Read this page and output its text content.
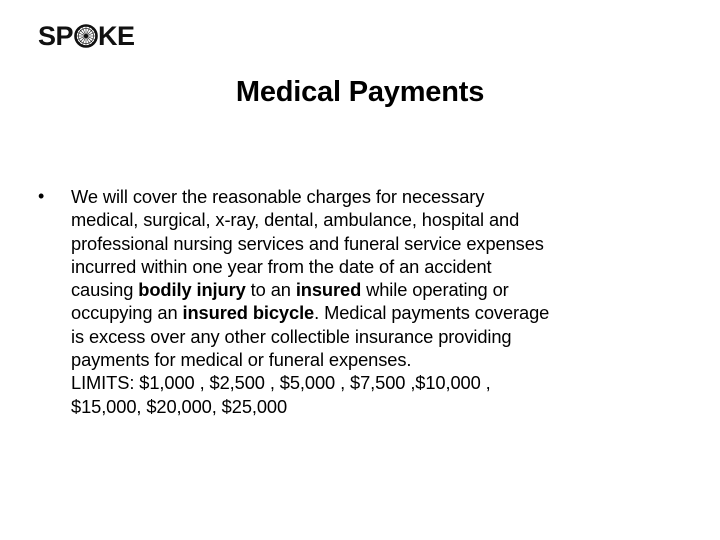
SP KE
Medical Payments
•	We will cover the reasonable charges for necessary
medical, surgical, x-ray, dental, ambulance, hospital and
professional nursing services and funeral service expenses
incurred within one year from the date of an accident
causing bodily injury to an insured while operating or
occupying an insured bicycle. Medical payments coverage
is excess over any other collectible insurance providing
payments for medical or funeral expenses.
LIMITS: $1,000 , $2,500 , $5,000 , $7,500 ,$10,000 ,
$15,000, $20,000, $25,000
